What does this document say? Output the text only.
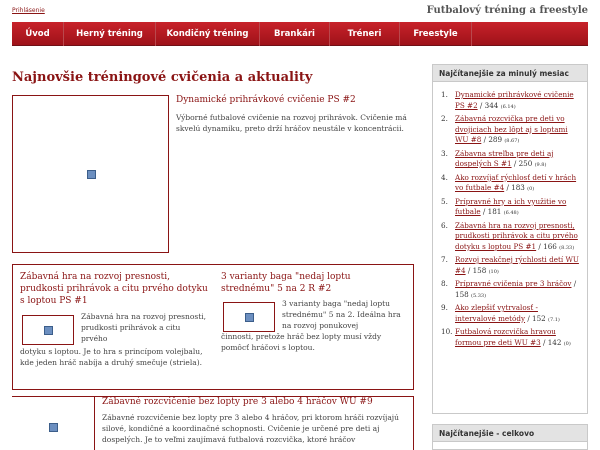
Prihlásenie	Futbalový tréning a freestyle
Úvod	Herný tréning	Kondičný tréning	Brankári	Tréneri	Freestyle
Najnovšie tréningové cvičenia a aktuality
Dynamické prihrávkové cvičenie PS #2
Výborné futbalové cvičenie na rozvoj prihrávok. Cvičenie má skvelú dynamiku, preto drží hráčov neustále v koncentrácii.
Zábavná hra na rozvoj presnosti, prudkosti prihrávok a citu prvého dotyku s loptou PS #1
Zábavná hra na rozvoj presnosti, prudkosti prihrávok a citu prvého
dotyku s loptou. Je to hra s princípom volejbalu, kde jeden hráč nabíja a druhý smečuje (striela).
3 varianty baga "nedaj loptu strednému" 5 na 2 R #2
3 varianty baga "nedaj loptu strednému" 5 na 2. Ideálna hra na rozvoj ponukovej
činnosti, pretože hráč bez lopty musí vždy pomôcť hráčovi s loptou.
Zábavné rozcvičenie bez lopty pre 3 alebo 4 hráčov WU #9
Zábavné rozcvičenie bez lopty pre 3 alebo 4 hráčov, pri ktorom hráči rozvíjajú silové, kondičné a koordinačné schopnosti. Cvičenie je určené pre deti aj dospelých. Je to veľmi zaujímavá futbalová rozcvička, ktoré hráčov
Najčítanejšie za minulý mesiac
1. Dynamické prihrávkové cvičenie PS #2 / 344 (6.14)
2. Zábavná rozcvička pre deti vo dvojiciach bez lôpt aj s loptami WU #8 / 289 (8.67)
3. Zábavna streľba pre deti aj dospelých S #1 / 250 (9.8)
4. Ako rozvíjať rýchlosť detí v hrách vo futbale #4 / 183 (0)
5. Prípravné hry a ich využitie vo futbale / 181 (6.48)
6. Zábavná hra na rozvoj presnosti, prudkosti prihrávok a citu prvého dotyku s loptou PS #1 / 166 (8.33)
7. Rozvoj reakčnej rýchlosti detí WU #4 / 158 (10)
8. Prípravné cvičenia pre 3 hráčov / 158 (5.33)
9. Ako zlepšiť vytrvalosť - intervalové metódy / 152 (7.1)
10. Futbalová rozcvička hravou formou pre deti WU #3 / 142 (0)
Najčítanejšie - celkovo
